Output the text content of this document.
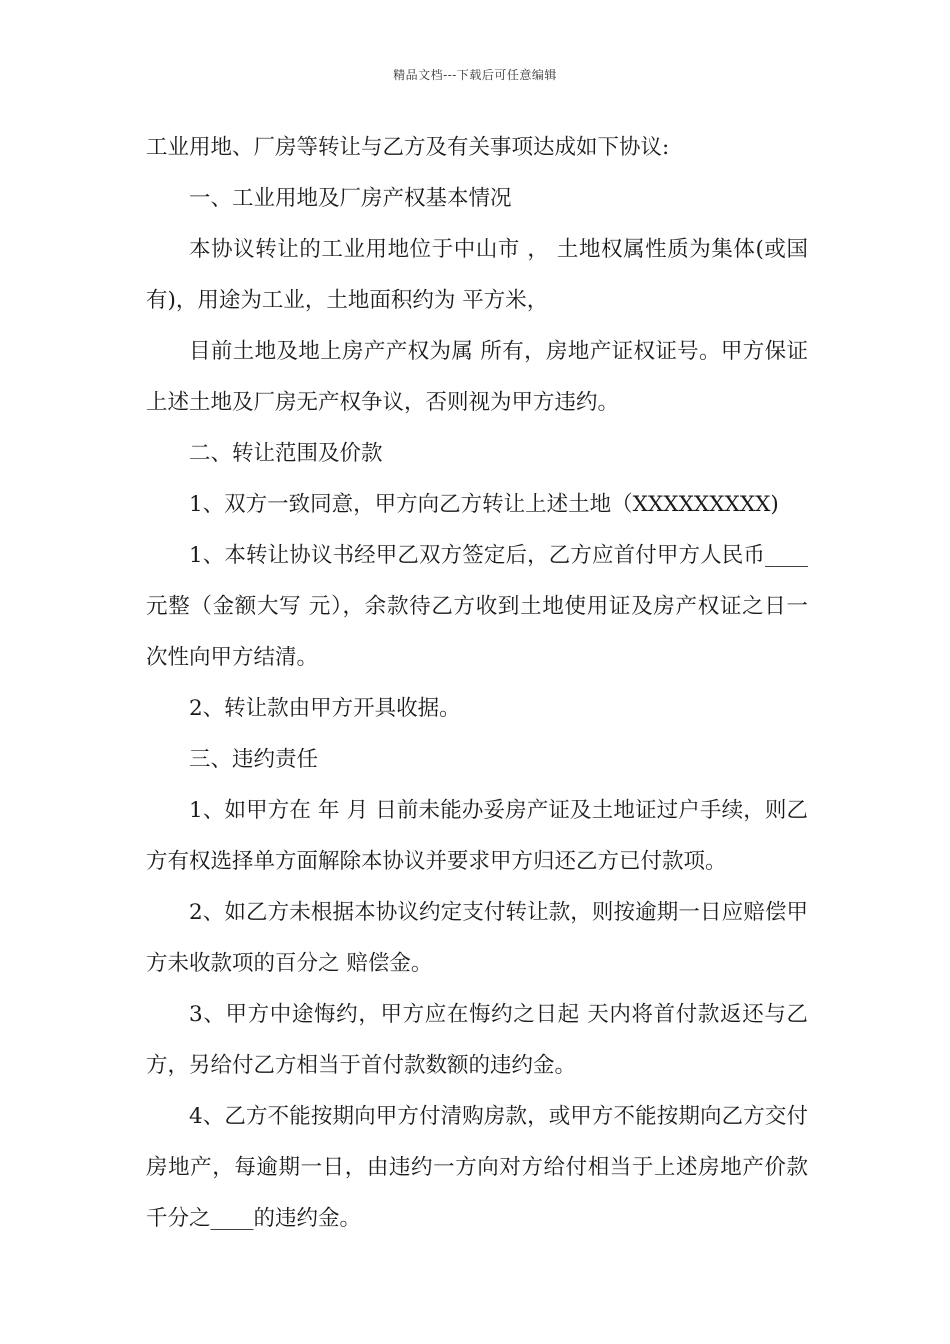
精品文档---下载后可任意编辑

工业用地、厂房等转让与乙方及有关事项达成如下协议:

一、工业用地及厂房产权基本情况

本协议转让的工业用地位于中山市 ， 土地权属性质为集体(或国有)，用途为工业，土地面积约为 平方米，

目前土地及地上房产产权为属 所有，房地产证权证号。甲方保证上述土地及厂房无产权争议，否则视为甲方违约。

二、转让范围及价款

1、双方一致同意，甲方向乙方转让上述土地（XXXXXXXXX)

1、本转让协议书经甲乙双方签定后，乙方应首付甲方人民币____元整（金额大写 元），余款待乙方收到土地使用证及房产权证之日一次性向甲方结清。

2、转让款由甲方开具收据。

三、违约责任

1、如甲方在 年 月 日前未能办妥房产证及土地证过户手续，则乙方有权选择单方面解除本协议并要求甲方归还乙方已付款项。

2、如乙方未根据本协议约定支付转让款，则按逾期一日应赔偿甲方未收款项的百分之 赔偿金。

3、甲方中途悔约，甲方应在悔约之日起 天内将首付款返还与乙方，另给付乙方相当于首付款数额的违约金。

4、乙方不能按期向甲方付清购房款，或甲方不能按期向乙方交付房地产，每逾期一日，由违约一方向对方给付相当于上述房地产价款千分之____的违约金。
